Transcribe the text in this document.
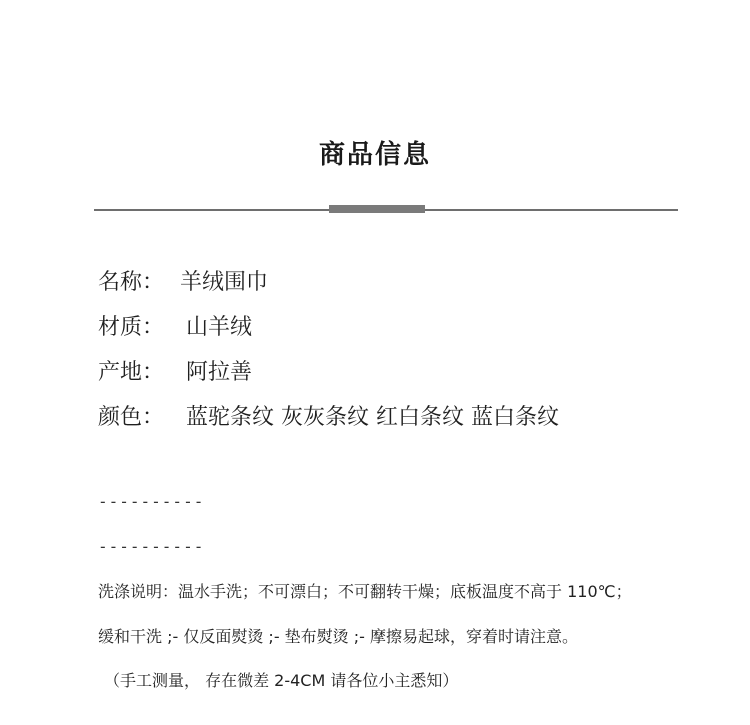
商品信息
名称： 羊绒围巾
材质： 山羊绒
产地： 阿拉善
颜色： 蓝驼条纹 灰灰条纹 红白条纹 蓝白条纹
----------
----------
洗涤说明：温水手洗；不可漂白；不可翻转干燥；底板温度不高于 110℃；
缓和干洗 ;- 仅反面熨烫 ;- 垫布熨烫 ;- 摩擦易起球，穿着时请注意。
（手工测量， 存在微差 2-4CM 请各位小主悉知）
